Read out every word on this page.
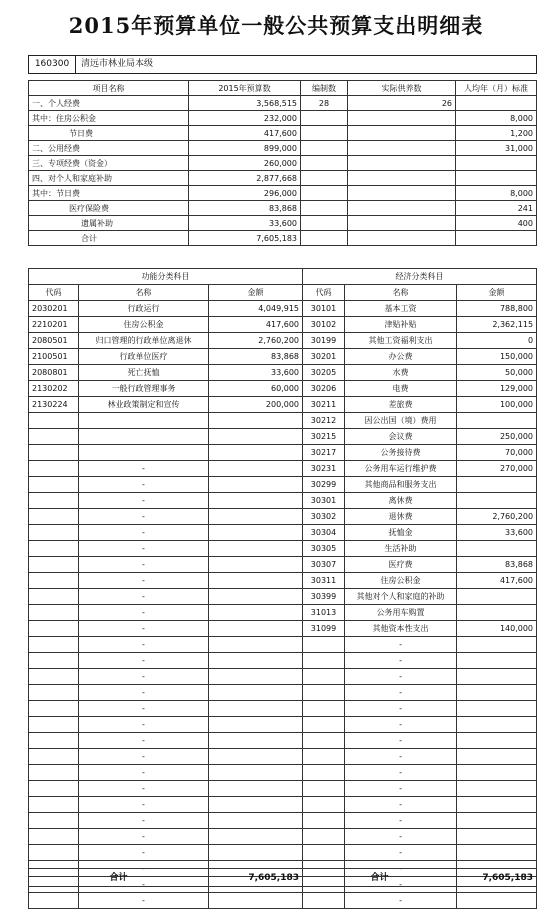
2015年预算单位一般公共预算支出明细表
160300	清远市林业局本级
项目名称	2015年预算数	编制数	实际供养数	人均年（月）标准
一、个人经费	3,568,515	28	26	
其中：住房公积金	232,000			8,000
节日费	417,600			1,200
二、公用经费	899,000			31,000
三、专项经费（资金）	260,000			
四、对个人和家庭补助	2,877,668			
其中：节日费	296,000			8,000
医疗保险费	83,868			241
遗属补助	33,600			400
合计	7,605,183			
功能分类科目			经济分类科目		
代码	名称	金额	代码	名称	金额
2030201	行政运行	4,049,915	30101	基本工资	788,800
2210201	住房公积金	417,600	30102	津贴补贴	2,362,115
2080501	归口管理的行政单位离退休	2,760,200	30199	其他工资福利支出	0
2100501	行政单位医疗	83,868	30201	办公费	150,000
2080801	死亡抚恤	33,600	30205	水费	50,000
2130202	一般行政管理事务	60,000	30206	电费	129,000
2130224	林业政策制定和宣传	200,000	30211	差旅费	100,000
			30212	因公出国（境）费用	
			30215	会议费	250,000
			30217	公务接待费	70,000
	-		30231	公务用车运行维护费	270,000
	-		30299	其他商品和服务支出	
	-		30301	离休费	
	-		30302	退休费	2,760,200
	-		30304	抚恤金	33,600
	-		30305	生活补助	
	-		30307	医疗费	83,868
	-		30311	住房公积金	417,600
	-		30399	其他对个人和家庭的补助	
	-		31013	公务用车购置	
	-		31099	其他资本性支出	140,000
	-			-	
	-			-	
	-			-	
	-			-	
	-			-	
	-			-	
	-			-	
	-			-	
	-			-	
	-			-	
	-			-	
	-			-	
	-			-	
	-			-	
	-			-	
	-			-	
	-			-	
合计	7,605,183	合计	7,605,183
